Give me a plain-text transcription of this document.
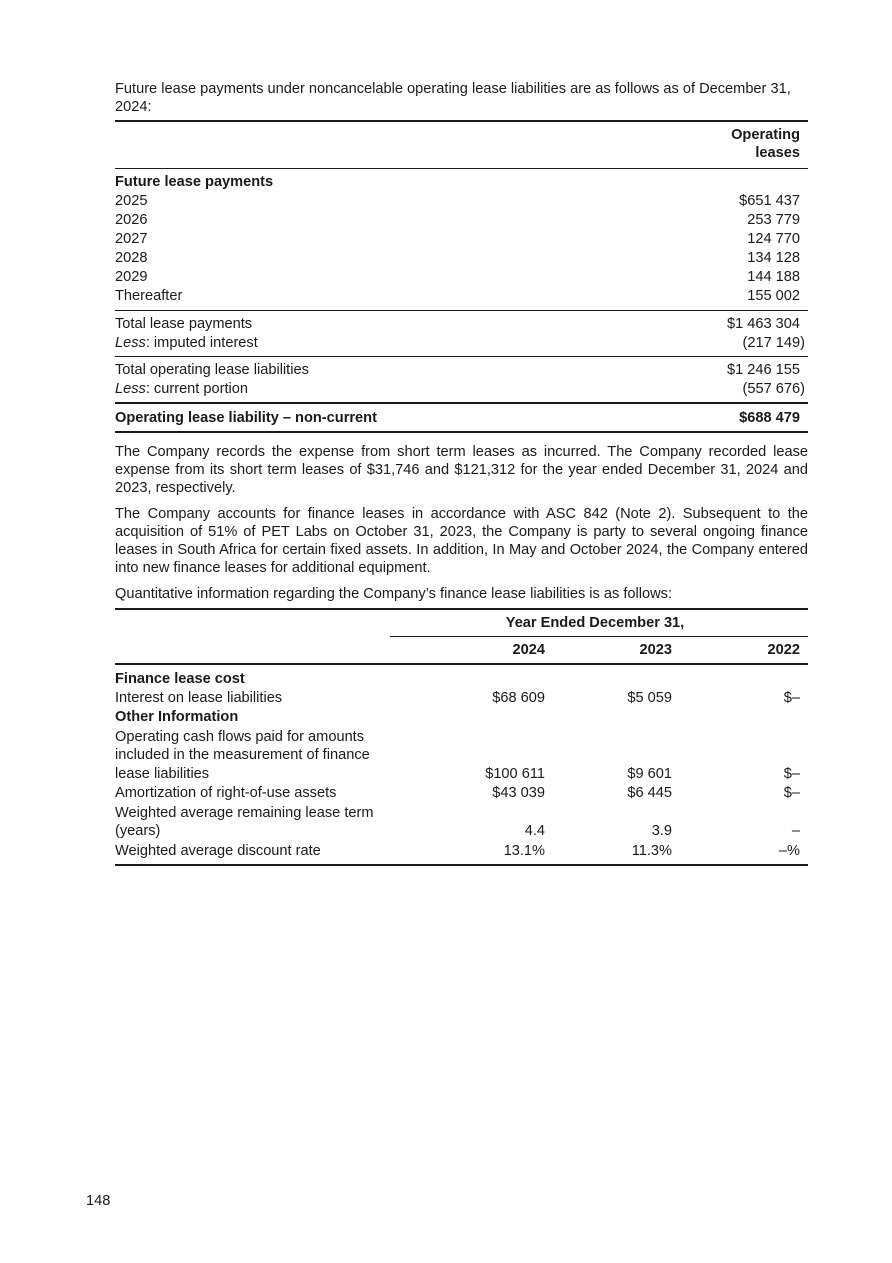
Future lease payments under noncancelable operating lease liabilities are as follows as of December 31, 2024:

Operating
leases
Future lease payments
2025	$651 437
2026	253 779
2027	124 770
2028	134 128
2029	144 188
Thereafter	155 002
Total lease payments	$1 463 304
Less: imputed interest	(217 149)
Total operating lease liabilities	$1 246 155
Less: current portion	(557 676)
Operating lease liability – non-current	$688 479

The Company records the expense from short term leases as incurred. The Company recorded lease expense from its short term leases of $31,746 and $121,312 for the year ended December 31, 2024 and 2023, respectively.

The Company accounts for finance leases in accordance with ASC 842 (Note 2). Subsequent to the acquisition of 51% of PET Labs on October 31, 2023, the Company is party to several ongoing finance leases in South Africa for certain fixed assets. In addition, In May and October 2024, the Company entered into new finance leases for additional equipment.

Quantitative information regarding the Company’s finance lease liabilities is as follows:

Year Ended December 31,
2024	2023	2022
Finance lease cost
Interest on lease liabilities	$68 609	$5 059	$–
Other Information
Operating cash flows paid for amounts
included in the measurement of finance
lease liabilities	$100 611	$9 601	$–
Amortization of right-of-use assets	$43 039	$6 445	$–
Weighted average remaining lease term
(years)	4.4	3.9	–
Weighted average discount rate	13.1%	11.3%	–%
148
